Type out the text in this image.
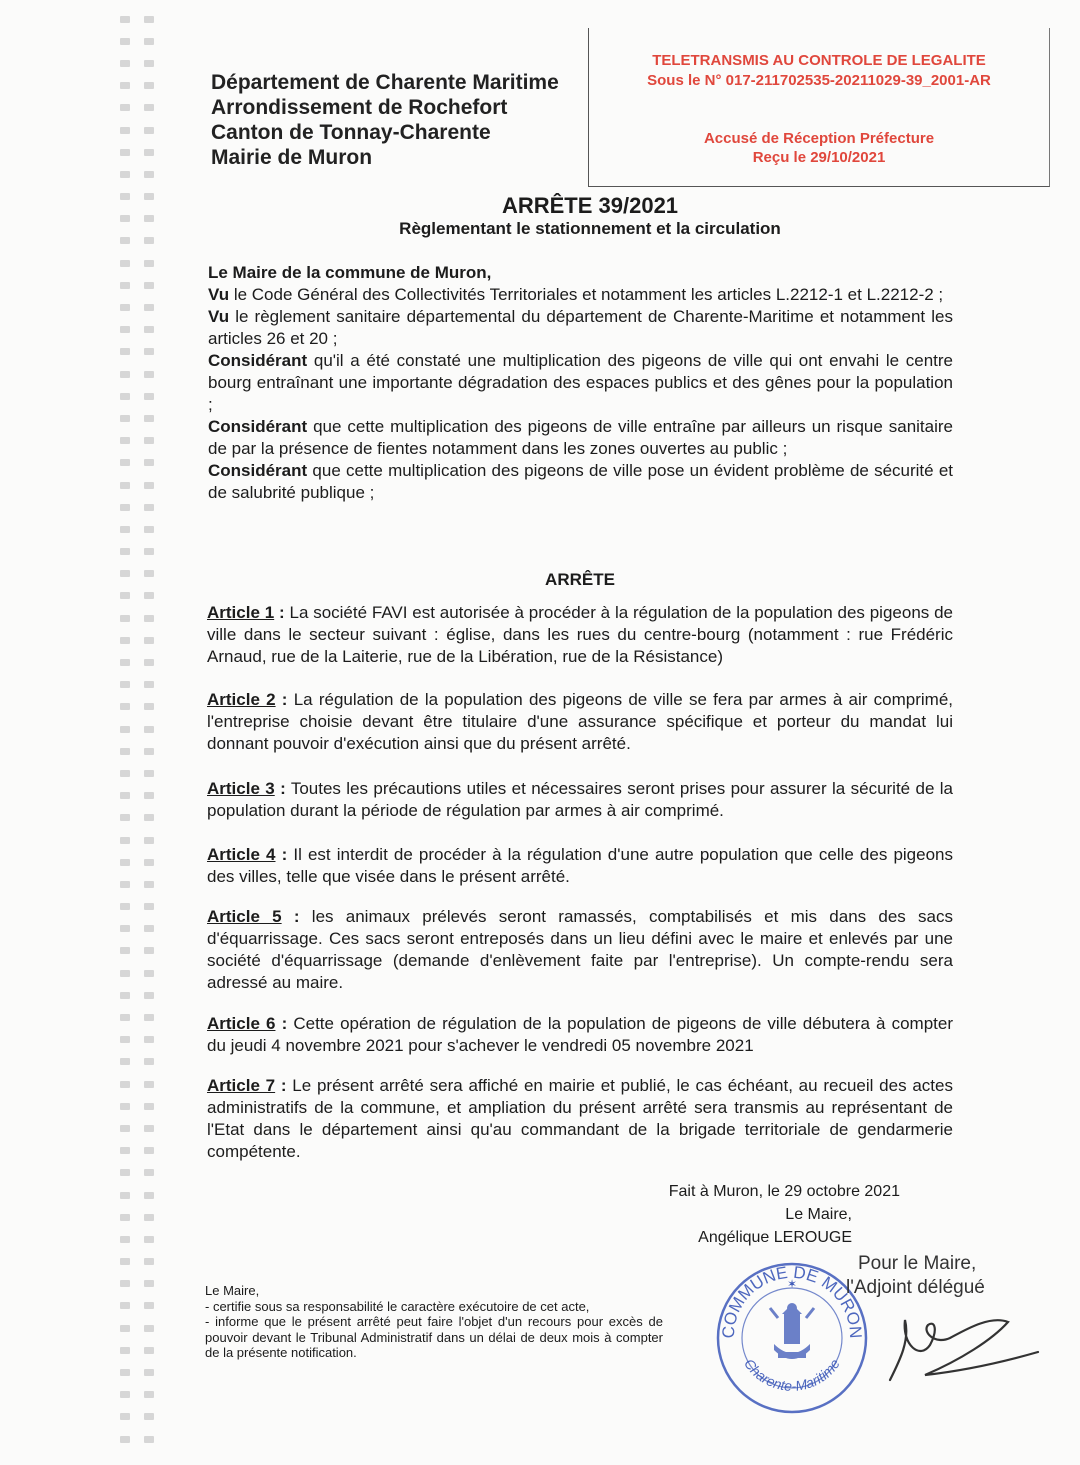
Département de Charente Maritime
Arrondissement de Rochefort
Canton de Tonnay-Charente
Mairie de Muron
TELETRANSMIS AU CONTROLE DE LEGALITE
Sous le N° 017-211702535-20211029-39_2001-AR
Accusé de Réception Préfecture
Reçu le 29/10/2021
ARRÊTE 39/2021
Règlementant le stationnement et la circulation
Le Maire de la commune de Muron,

Vu le Code Général des Collectivités Territoriales et notamment les articles L.2212-1 et L.2212-2 ;

Vu le règlement sanitaire départemental du département de Charente-Maritime et notamment les articles 26 et 20 ;

Considérant qu'il a été constaté une multiplication des pigeons de ville qui ont envahi le centre bourg entraînant une importante dégradation des espaces publics et des gênes pour la population ;

Considérant que cette multiplication des pigeons de ville entraîne par ailleurs un risque sanitaire de par la présence de fientes notamment dans les zones ouvertes au public ;

Considérant que cette multiplication des pigeons de ville pose un évident problème de sécurité et de salubrité publique ;

ARRÊTE
Article 1 : La société FAVI est autorisée à procéder à la régulation de la population des pigeons de ville dans le secteur suivant : église, dans les rues du centre-bourg (notamment : rue Frédéric Arnaud, rue de la Laiterie, rue de la Libération, rue de la Résistance)
Article 2 : La régulation de la population des pigeons de ville se fera par armes à air comprimé, l'entreprise choisie devant être titulaire d'une assurance spécifique et porteur du mandat lui donnant pouvoir d'exécution ainsi que du présent arrêté.
Article 3 : Toutes les précautions utiles et nécessaires seront prises pour assurer la sécurité de la population durant la période de régulation par armes à air comprimé.
Article 4 : Il est interdit de procéder à la régulation d'une autre population que celle des pigeons des villes, telle que visée dans le présent arrêté.
Article 5 : les animaux prélevés seront ramassés, comptabilisés et mis dans des sacs d'équarrissage. Ces sacs seront entreposés dans un lieu défini avec le maire et enlevés par une société d'équarrissage (demande d'enlèvement faite par l'entreprise). Un compte-rendu sera adressé au maire.
Article 6 : Cette opération de régulation de la population de pigeons de ville débutera à compter du jeudi 4 novembre 2021 pour s'achever le vendredi 05 novembre 2021
Article 7 : Le présent arrêté sera affiché en mairie et publié, le cas échéant, au recueil des actes administratifs de la commune, et ampliation du présent arrêté sera transmis au représentant de l'Etat dans le département ainsi qu'au commandant de la brigade territoriale de gendarmerie compétente.
Fait à Muron, le 29 octobre 2021
Le Maire,
Angélique LEROUGE
COMMUNE DE MURON
Charente-Maritime
✶
Pour le Maire,
l'Adjoint délégué

Le Maire,

- certifie sous sa responsabilité le caractère exécutoire de cet acte,

- informe que le présent arrêté peut faire l'objet d'un recours pour excès de pouvoir devant le Tribunal Administratif dans un délai de deux mois à compter de la présente notification.
